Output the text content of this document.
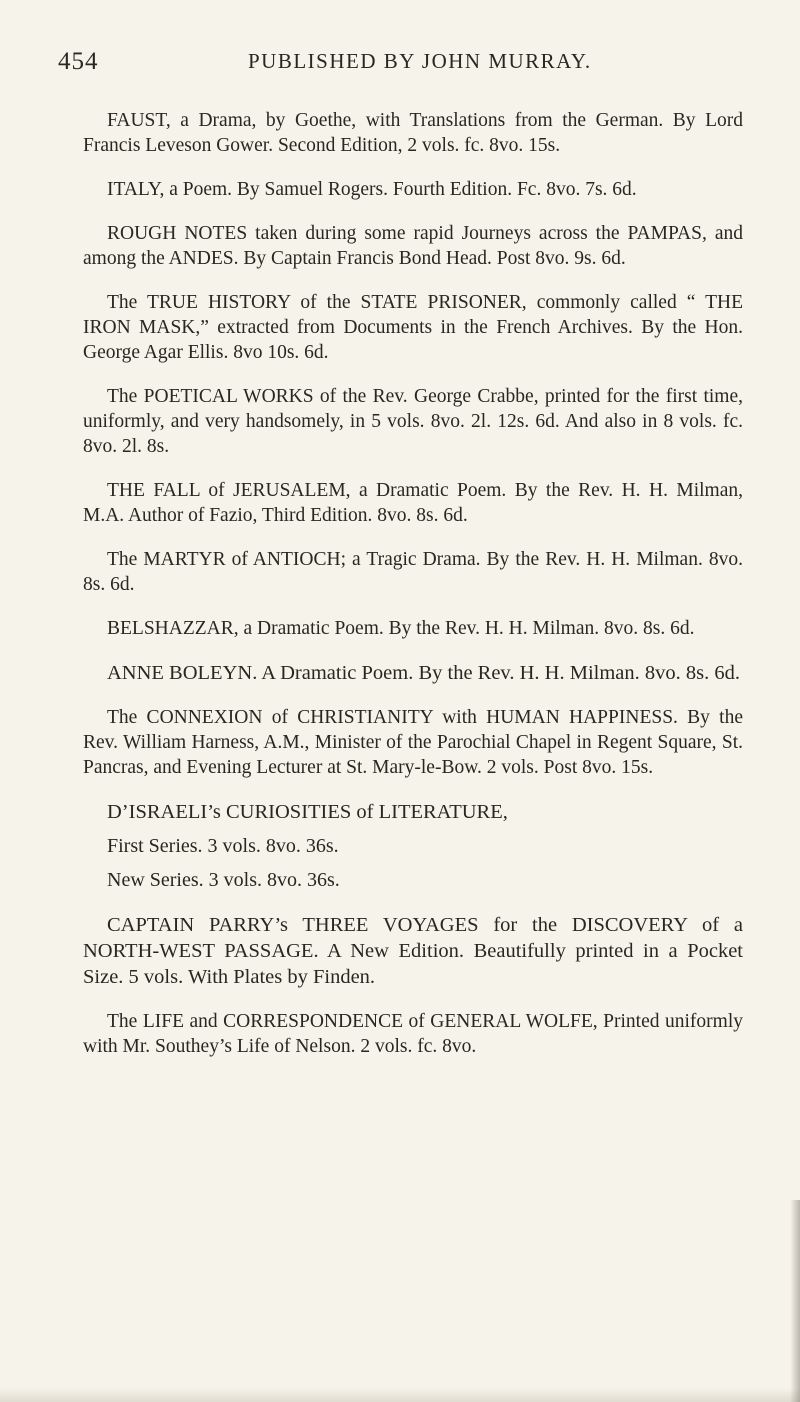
454	PUBLISHED BY JOHN MURRAY.

FAUST, a Drama, by Goethe, with Translations from the German. By Lord Francis Leveson Gower. Second Edition, 2 vols. fc. 8vo. 15s.

ITALY, a Poem. By Samuel Rogers. Fourth Edition. Fc. 8vo. 7s. 6d.

ROUGH NOTES taken during some rapid Journeys across the PAMPAS, and among the ANDES. By Captain Francis Bond Head. Post 8vo. 9s. 6d.

The TRUE HISTORY of the STATE PRISONER, commonly called “ THE IRON MASK,” extracted from Documents in the French Archives. By the Hon. George Agar Ellis. 8vo 10s. 6d.

The POETICAL WORKS of the Rev. George Crabbe, printed for the first time, uniformly, and very handsomely, in 5 vols. 8vo. 2l. 12s. 6d. And also in 8 vols. fc. 8vo. 2l. 8s.

THE FALL of JERUSALEM, a Dramatic Poem. By the Rev. H. H. Milman, M.A. Author of Fazio, Third Edition. 8vo. 8s. 6d.

The MARTYR of ANTIOCH; a Tragic Drama. By the Rev. H. H. Milman. 8vo. 8s. 6d.

BELSHAZZAR, a Dramatic Poem. By the Rev. H. H. Milman. 8vo. 8s. 6d.

ANNE BOLEYN. A Dramatic Poem. By the Rev. H. H. Milman. 8vo. 8s. 6d.

The CONNEXION of CHRISTIANITY with HUMAN HAPPINESS. By the Rev. William Harness, A.M., Minister of the Parochial Chapel in Regent Square, St. Pancras, and Evening Lecturer at St. Mary-le-Bow. 2 vols. Post 8vo. 15s.

D’ISRAELI’s CURIOSITIES of LITERATURE,
First Series. 3 vols. 8vo. 36s.
New Series. 3 vols. 8vo. 36s.

CAPTAIN PARRY’s THREE VOYAGES for the DISCOVERY of a NORTH-WEST PASSAGE. A New Edition. Beautifully printed in a Pocket Size. 5 vols. With Plates by Finden.

The LIFE and CORRESPONDENCE of GENERAL WOLFE, Printed uniformly with Mr. Southey’s Life of Nelson. 2 vols. fc. 8vo.
